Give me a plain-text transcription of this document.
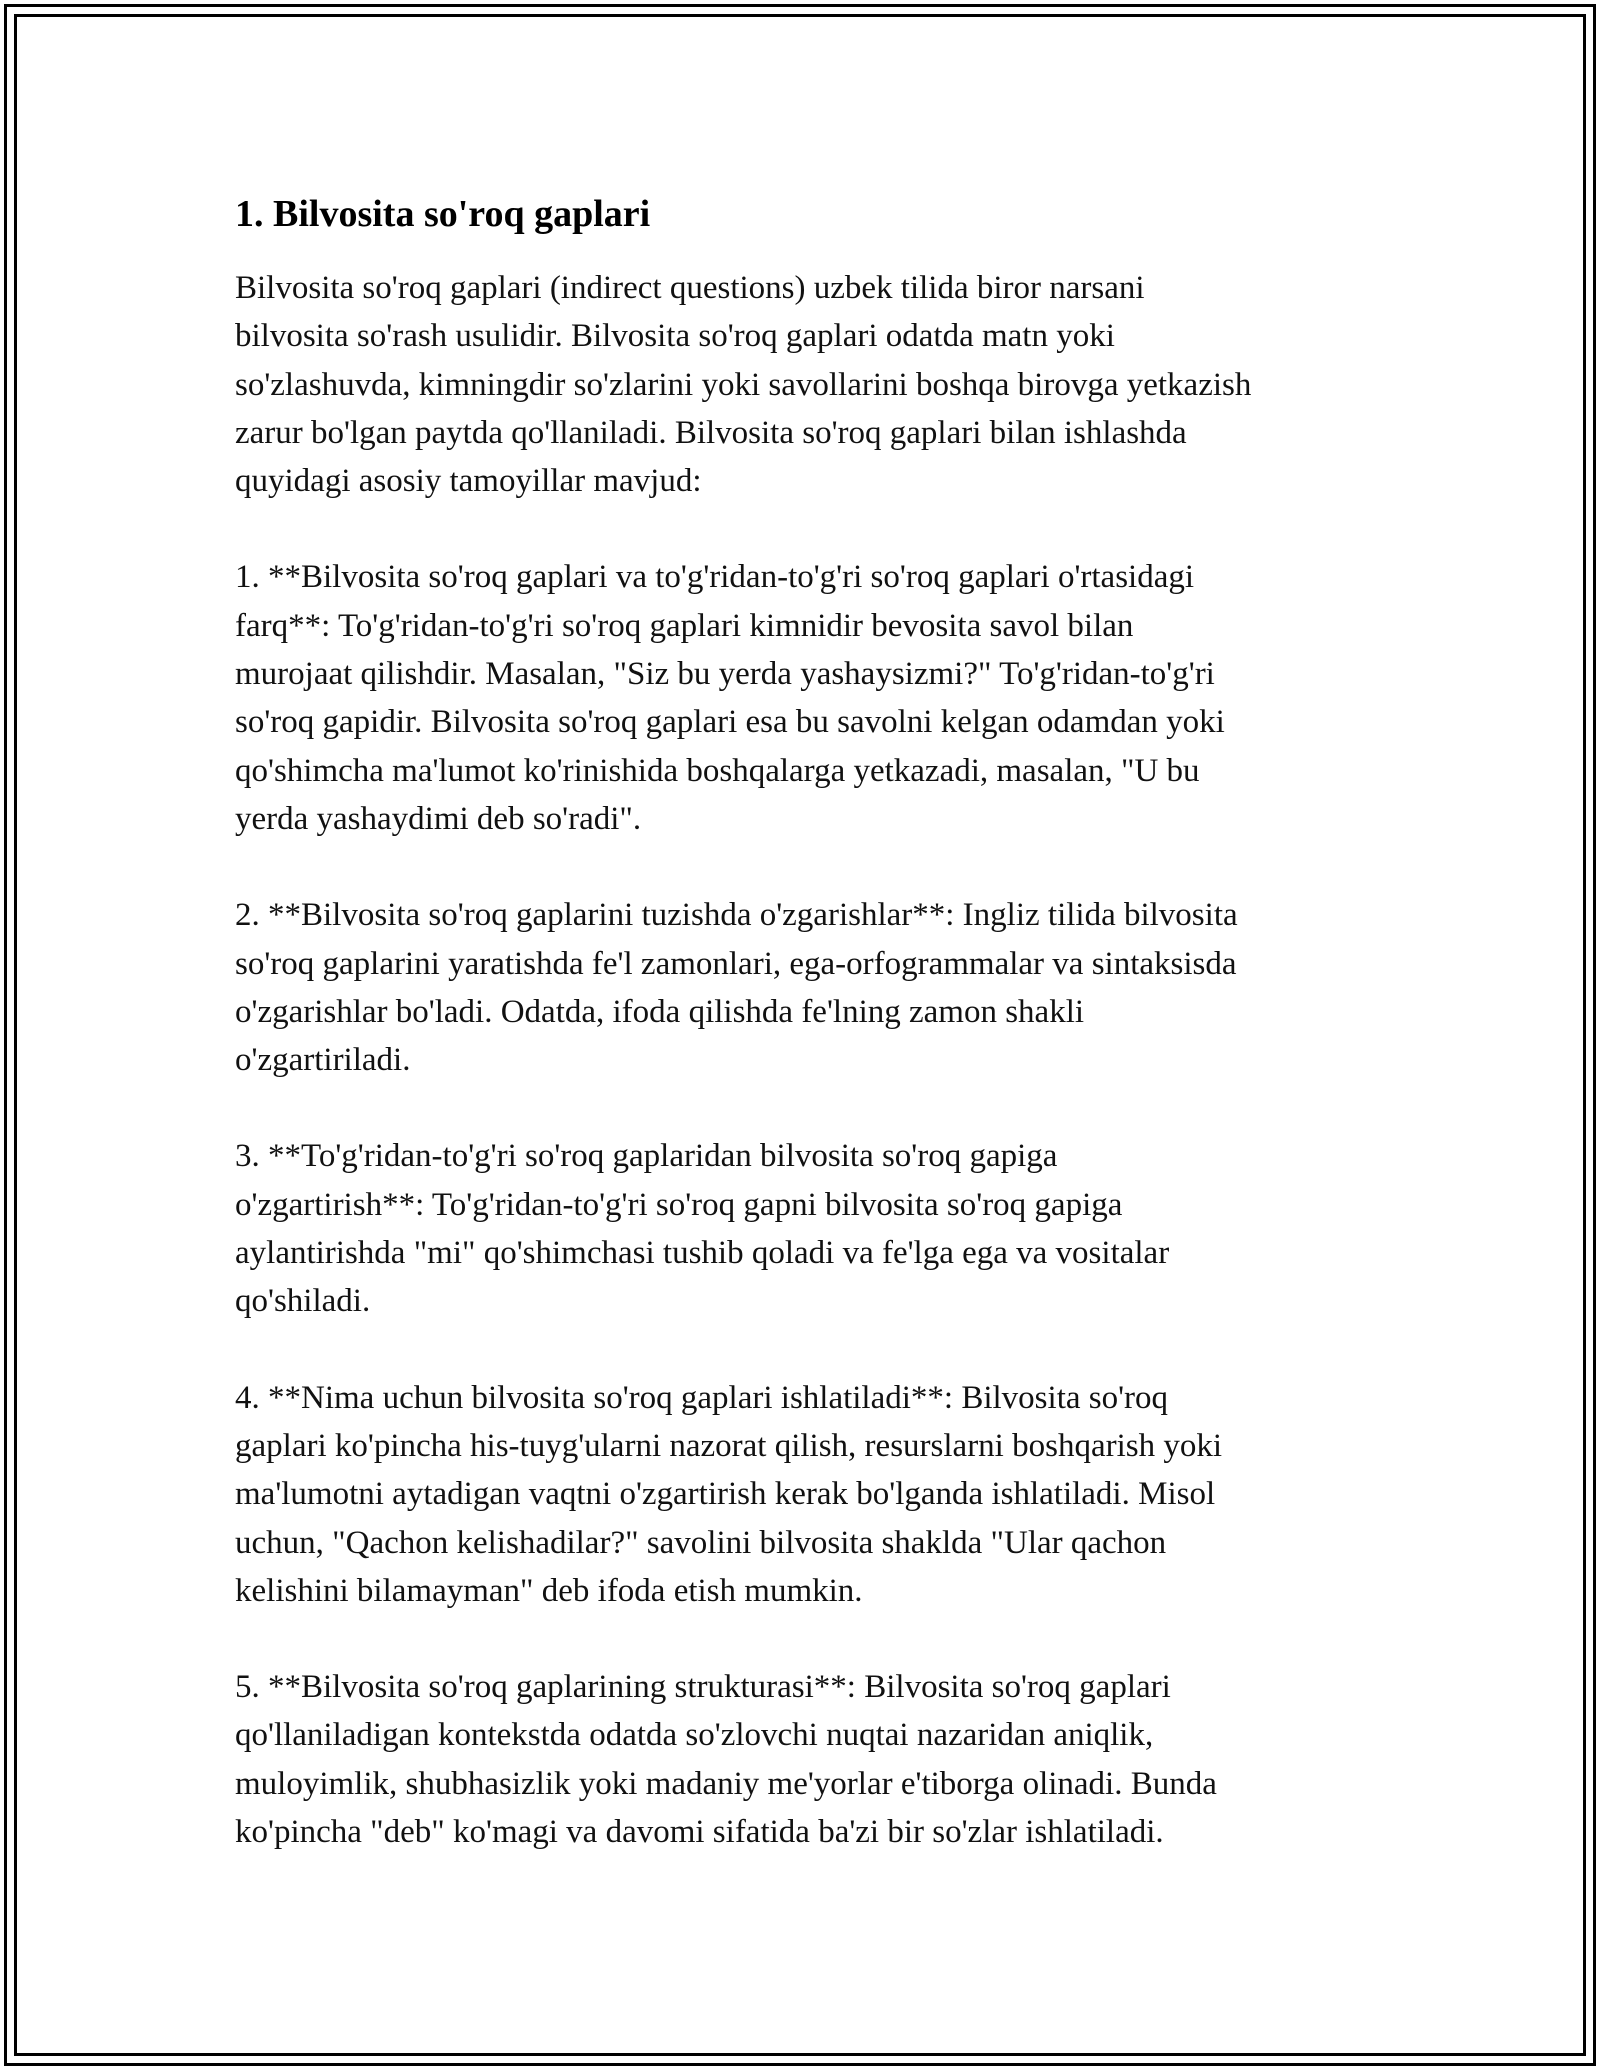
1. Bilvosita so'roq gaplari

Bilvosita so'roq gaplari (indirect questions) uzbek tilida biror narsani
bilvosita so'rash usulidir. Bilvosita so'roq gaplari odatda matn yoki
so'zlashuvda, kimningdir so'zlarini yoki savollarini boshqa birovga yetkazish
zarur bo'lgan paytda qo'llaniladi. Bilvosita so'roq gaplari bilan ishlashda
quyidagi asosiy tamoyillar mavjud:

1. **Bilvosita so'roq gaplari va to'g'ridan-to'g'ri so'roq gaplari o'rtasidagi
farq**: To'g'ridan-to'g'ri so'roq gaplari kimnidir bevosita savol bilan
murojaat qilishdir. Masalan, "Siz bu yerda yashaysizmi?" To'g'ridan-to'g'ri
so'roq gapidir. Bilvosita so'roq gaplari esa bu savolni kelgan odamdan yoki
qo'shimcha ma'lumot ko'rinishida boshqalarga yetkazadi, masalan, "U bu
yerda yashaydimi deb so'radi".

2. **Bilvosita so'roq gaplarini tuzishda o'zgarishlar**: Ingliz tilida bilvosita
so'roq gaplarini yaratishda fe'l zamonlari, ega-orfogrammalar va sintaksisda
o'zgarishlar bo'ladi. Odatda, ifoda qilishda fe'lning zamon shakli
o'zgartiriladi.

3. **To'g'ridan-to'g'ri so'roq gaplaridan bilvosita so'roq gapiga
o'zgartirish**: To'g'ridan-to'g'ri so'roq gapni bilvosita so'roq gapiga
aylantirishda "mi" qo'shimchasi tushib qoladi va fe'lga ega va vositalar
qo'shiladi.

4. **Nima uchun bilvosita so'roq gaplari ishlatiladi**: Bilvosita so'roq
gaplari ko'pincha his-tuyg'ularni nazorat qilish, resurslarni boshqarish yoki
ma'lumotni aytadigan vaqtni o'zgartirish kerak bo'lganda ishlatiladi. Misol
uchun, "Qachon kelishadilar?" savolini bilvosita shaklda "Ular qachon
kelishini bilamayman" deb ifoda etish mumkin.

5. **Bilvosita so'roq gaplarining strukturasi**: Bilvosita so'roq gaplari
qo'llaniladigan kontekstda odatda so'zlovchi nuqtai nazaridan aniqlik,
muloyimlik, shubhasizlik yoki madaniy me'yorlar e'tiborga olinadi. Bunda
ko'pincha "deb" ko'magi va davomi sifatida ba'zi bir so'zlar ishlatiladi.
